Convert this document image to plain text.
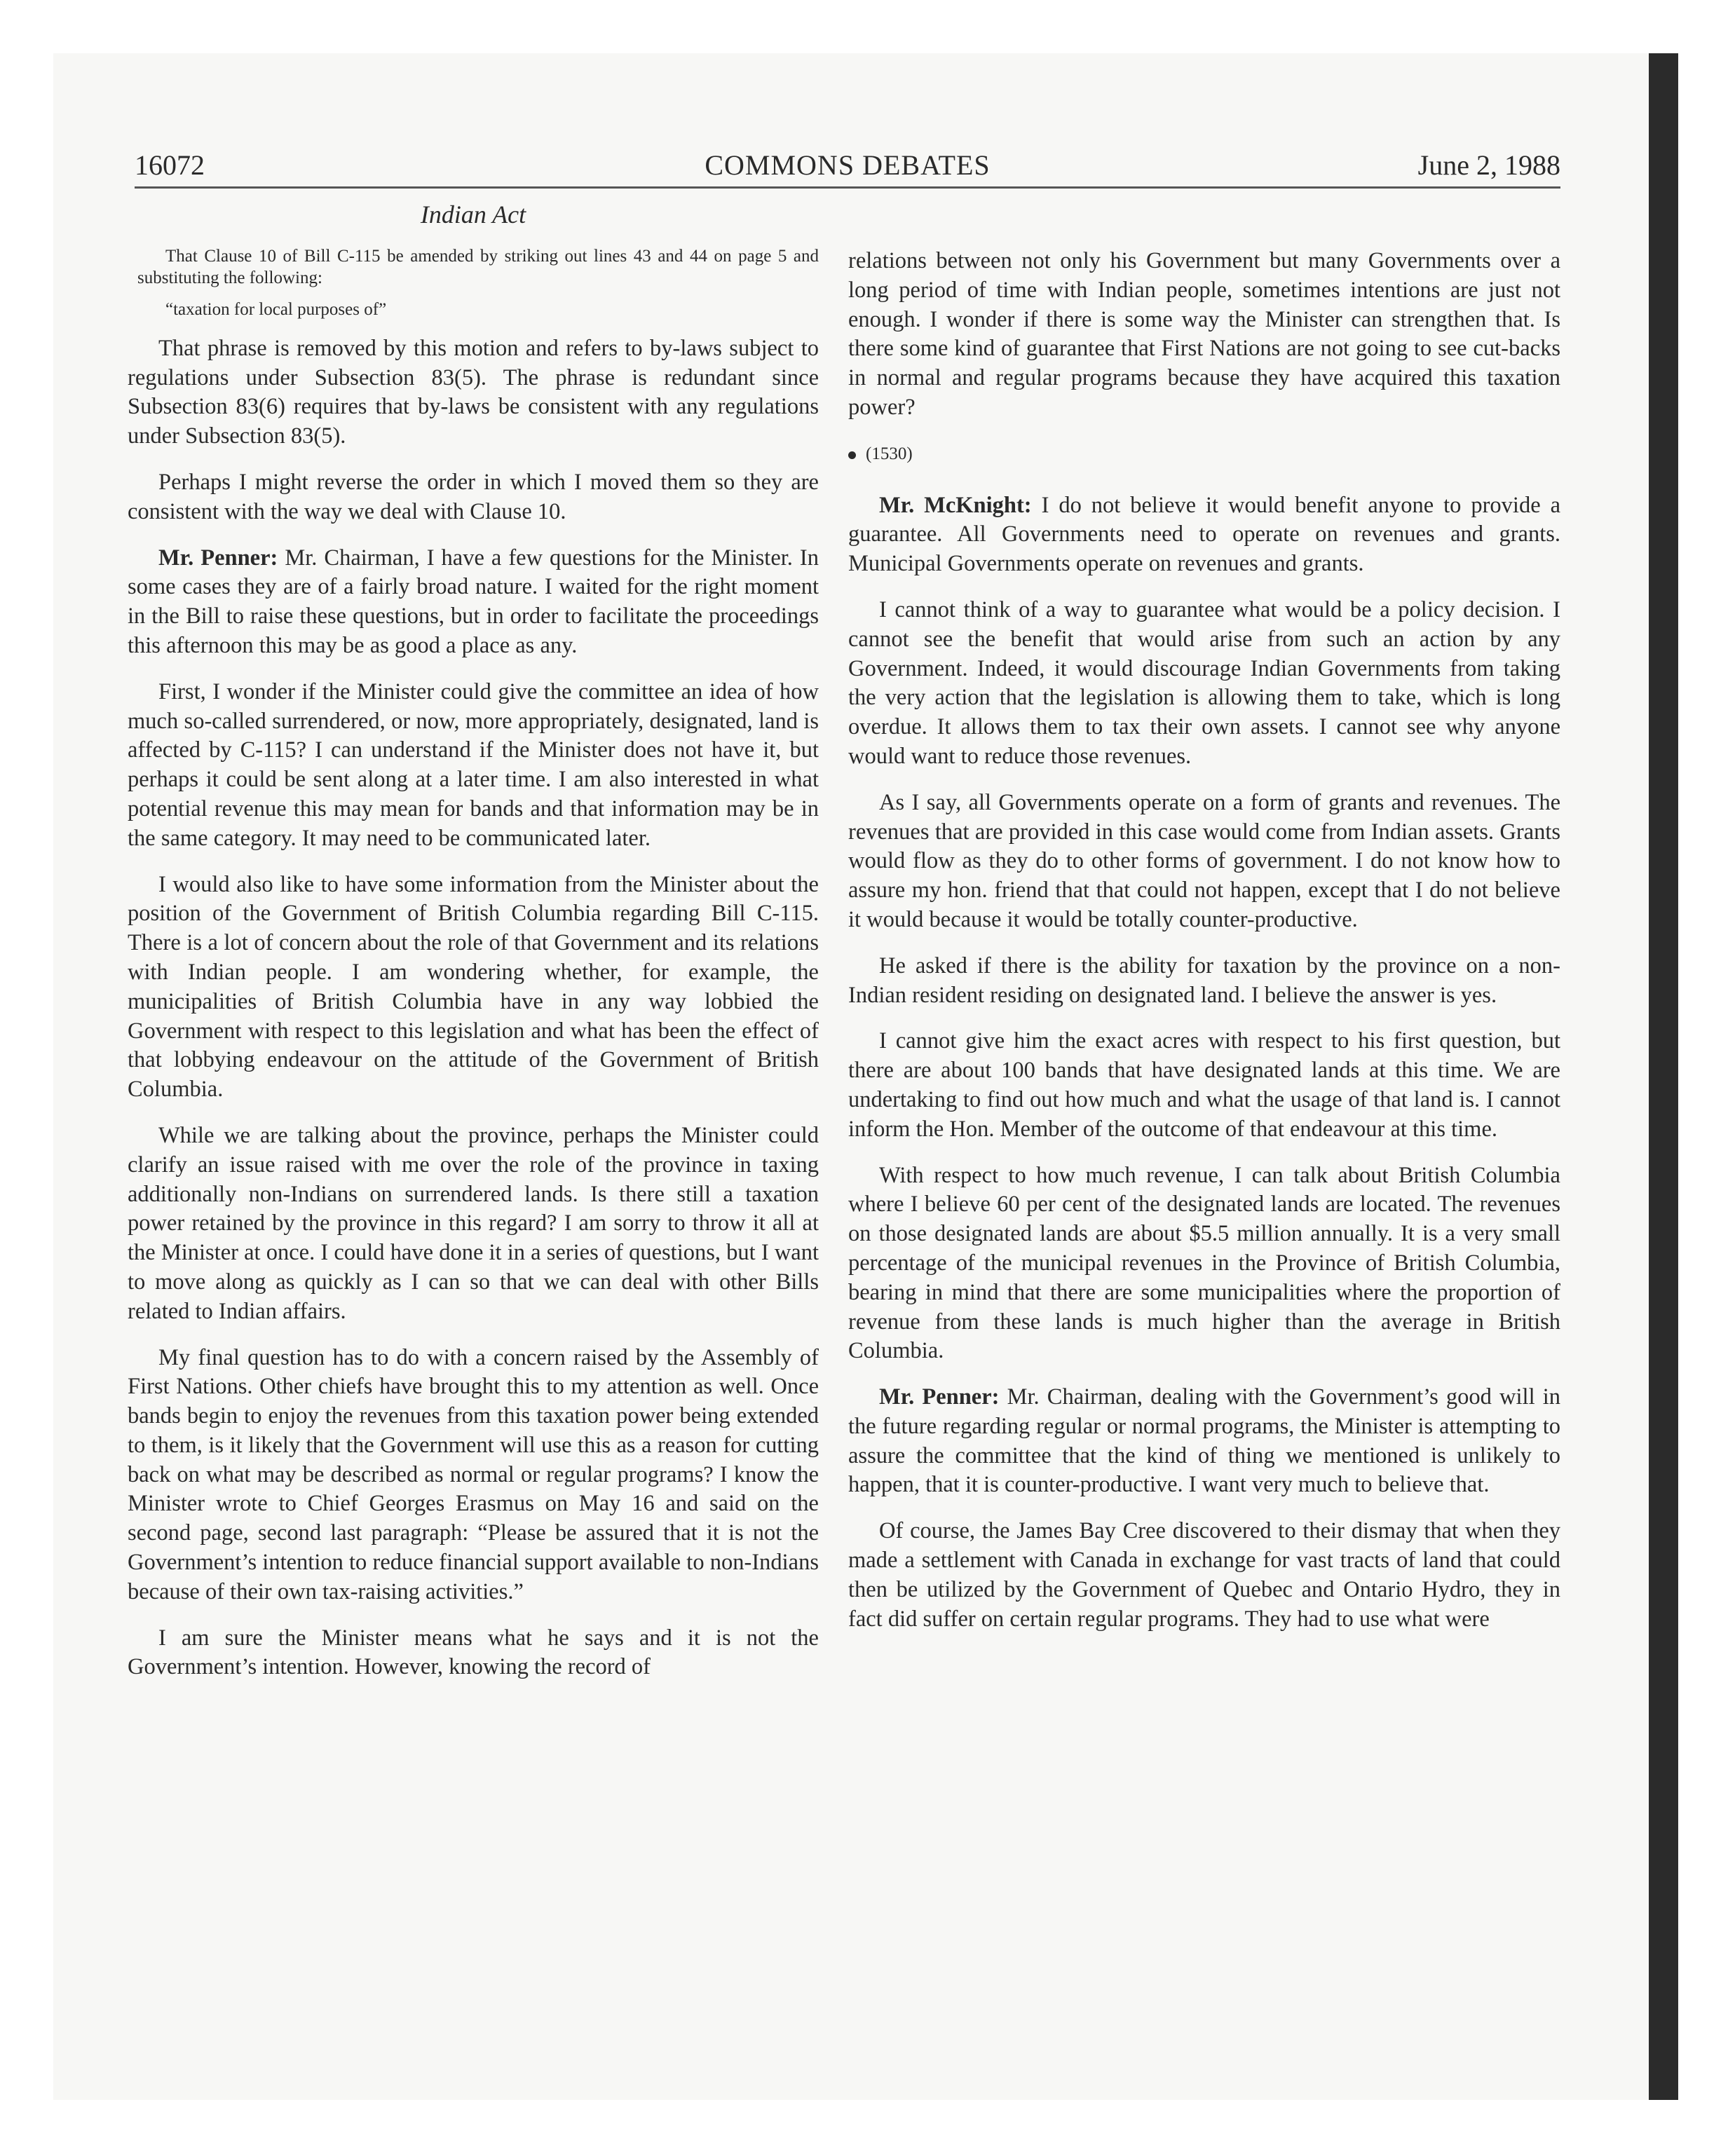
16072	COMMONS DEBATES	June 2, 1988
Indian Act
That Clause 10 of Bill C-115 be amended by striking out lines 43 and 44 on page 5 and substituting the following:
“taxation for local purposes of”

That phrase is removed by this motion and refers to by-laws subject to regulations under Subsection 83(5). The phrase is redundant since Subsection 83(6) requires that by-laws be consistent with any regulations under Subsection 83(5).

Perhaps I might reverse the order in which I moved them so they are consistent with the way we deal with Clause 10.

Mr. Penner: Mr. Chairman, I have a few questions for the Minister. In some cases they are of a fairly broad nature. I waited for the right moment in the Bill to raise these questions, but in order to facilitate the proceedings this afternoon this may be as good a place as any.

First, I wonder if the Minister could give the committee an idea of how much so-called surrendered, or now, more appropriately, designated, land is affected by C-115? I can understand if the Minister does not have it, but perhaps it could be sent along at a later time. I am also interested in what potential revenue this may mean for bands and that information may be in the same category. It may need to be communicated later.

I would also like to have some information from the Minister about the position of the Government of British Columbia regarding Bill C-115. There is a lot of concern about the role of that Government and its relations with Indian people. I am wondering whether, for example, the municipalities of British Columbia have in any way lobbied the Government with respect to this legislation and what has been the effect of that lobbying endeavour on the attitude of the Government of British Columbia.

While we are talking about the province, perhaps the Minister could clarify an issue raised with me over the role of the province in taxing additionally non-Indians on surrendered lands. Is there still a taxation power retained by the province in this regard? I am sorry to throw it all at the Minister at once. I could have done it in a series of questions, but I want to move along as quickly as I can so that we can deal with other Bills related to Indian affairs.

My final question has to do with a concern raised by the Assembly of First Nations. Other chiefs have brought this to my attention as well. Once bands begin to enjoy the revenues from this taxation power being extended to them, is it likely that the Government will use this as a reason for cutting back on what may be described as normal or regular programs? I know the Minister wrote to Chief Georges Erasmus on May 16 and said on the second page, second last paragraph: “Please be assured that it is not the Government’s intention to reduce financial support available to non-Indians because of their own tax-raising activities.”

I am sure the Minister means what he says and it is not the Government’s intention. However, knowing the record of

relations between not only his Government but many Governments over a long period of time with Indian people, sometimes intentions are just not enough. I wonder if there is some way the Minister can strengthen that. Is there some kind of guarantee that First Nations are not going to see cut-backs in normal and regular programs because they have acquired this taxation power?

(1530)

Mr. McKnight: I do not believe it would benefit anyone to provide a guarantee. All Governments need to operate on revenues and grants. Municipal Governments operate on revenues and grants.

I cannot think of a way to guarantee what would be a policy decision. I cannot see the benefit that would arise from such an action by any Government. Indeed, it would discourage Indian Governments from taking the very action that the legislation is allowing them to take, which is long overdue. It allows them to tax their own assets. I cannot see why anyone would want to reduce those revenues.

As I say, all Governments operate on a form of grants and revenues. The revenues that are provided in this case would come from Indian assets. Grants would flow as they do to other forms of government. I do not know how to assure my hon. friend that that could not happen, except that I do not believe it would because it would be totally counter-productive.

He asked if there is the ability for taxation by the province on a non-Indian resident residing on designated land. I believe the answer is yes.

I cannot give him the exact acres with respect to his first question, but there are about 100 bands that have designated lands at this time. We are undertaking to find out how much and what the usage of that land is. I cannot inform the Hon. Member of the outcome of that endeavour at this time.

With respect to how much revenue, I can talk about British Columbia where I believe 60 per cent of the designated lands are located. The revenues on those designated lands are about $5.5 million annually. It is a very small percentage of the municipal revenues in the Province of British Columbia, bearing in mind that there are some municipalities where the proportion of revenue from these lands is much higher than the average in British Columbia.

Mr. Penner: Mr. Chairman, dealing with the Government’s good will in the future regarding regular or normal programs, the Minister is attempting to assure the committee that the kind of thing we mentioned is unlikely to happen, that it is counter-productive. I want very much to believe that.

Of course, the James Bay Cree discovered to their dismay that when they made a settlement with Canada in exchange for vast tracts of land that could then be utilized by the Government of Quebec and Ontario Hydro, they in fact did suffer on certain regular programs. They had to use what were
